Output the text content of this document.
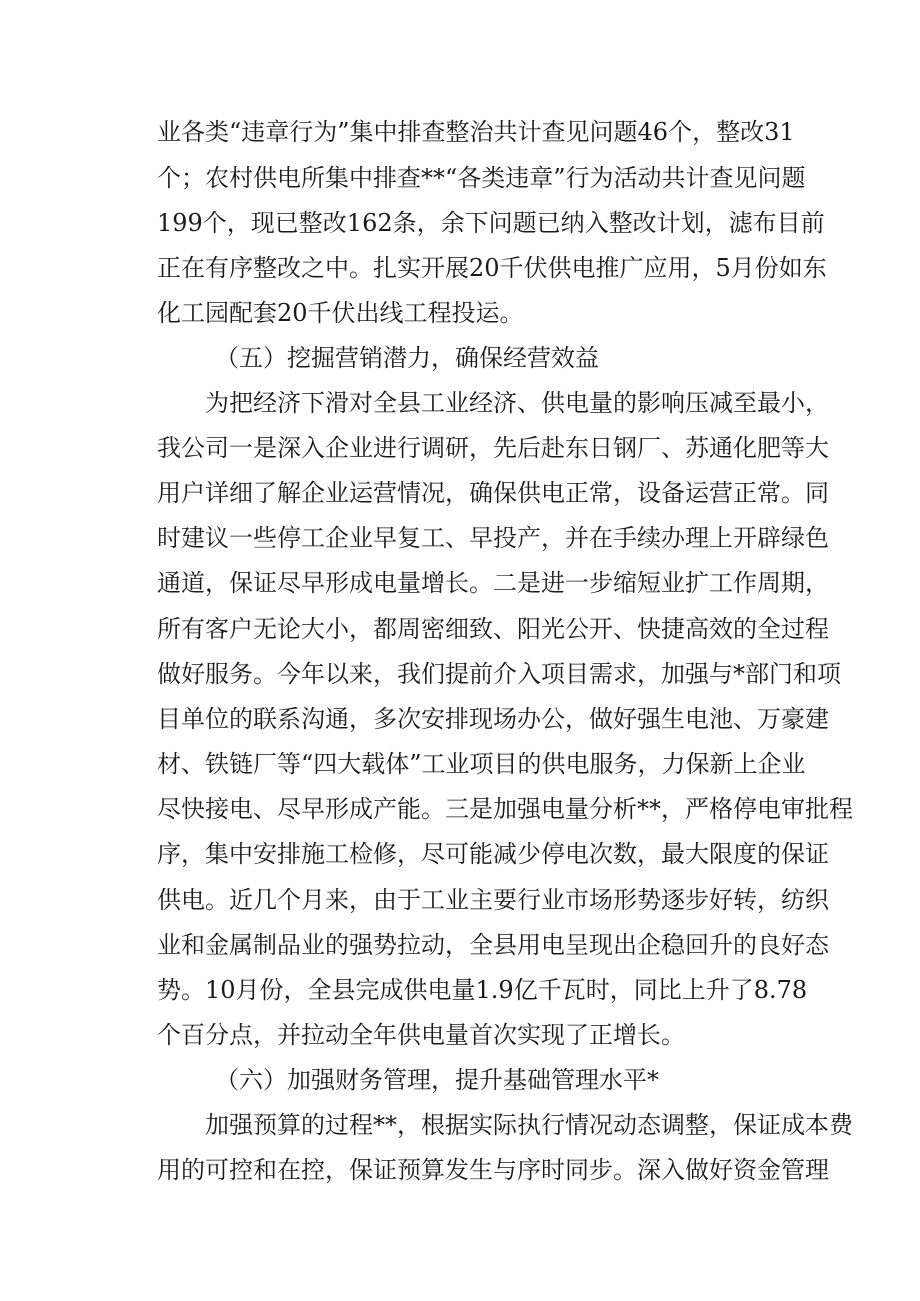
业各类“违章行为”集中排查整治共计查见问题46个，整改31
个；农村供电所集中排查**“各类违章”行为活动共计查见问题
199个，现已整改162条，余下问题已纳入整改计划，滤布目前
正在有序整改之中。扎实开展20千伏供电推广应用，5月份如东
化工园配套20千伏出线工程投运。
（五）挖掘营销潜力，确保经营效益
为把经济下滑对全县工业经济、供电量的影响压减至最小，
我公司一是深入企业进行调研，先后赴东日钢厂、苏通化肥等大
用户详细了解企业运营情况，确保供电正常，设备运营正常。同
时建议一些停工企业早复工、早投产，并在手续办理上开辟绿色
通道，保证尽早形成电量增长。二是进一步缩短业扩工作周期，
所有客户无论大小，都周密细致、阳光公开、快捷高效的全过程
做好服务。今年以来，我们提前介入项目需求，加强与*部门和项
目单位的联系沟通，多次安排现场办公，做好强生电池、万豪建
材、铁链厂等“四大载体”工业项目的供电服务，力保新上企业
尽快接电、尽早形成产能。三是加强电量分析**，严格停电审批程
序，集中安排施工检修，尽可能减少停电次数，最大限度的保证
供电。近几个月来，由于工业主要行业市场形势逐步好转，纺织
业和金属制品业的强势拉动，全县用电呈现出企稳回升的良好态
势。10月份，全县完成供电量1.9亿千瓦时，同比上升了8.78
个百分点，并拉动全年供电量首次实现了正增长。
（六）加强财务管理，提升基础管理水平*
加强预算的过程**，根据实际执行情况动态调整，保证成本费
用的可控和在控，保证预算发生与序时同步。深入做好资金管理
